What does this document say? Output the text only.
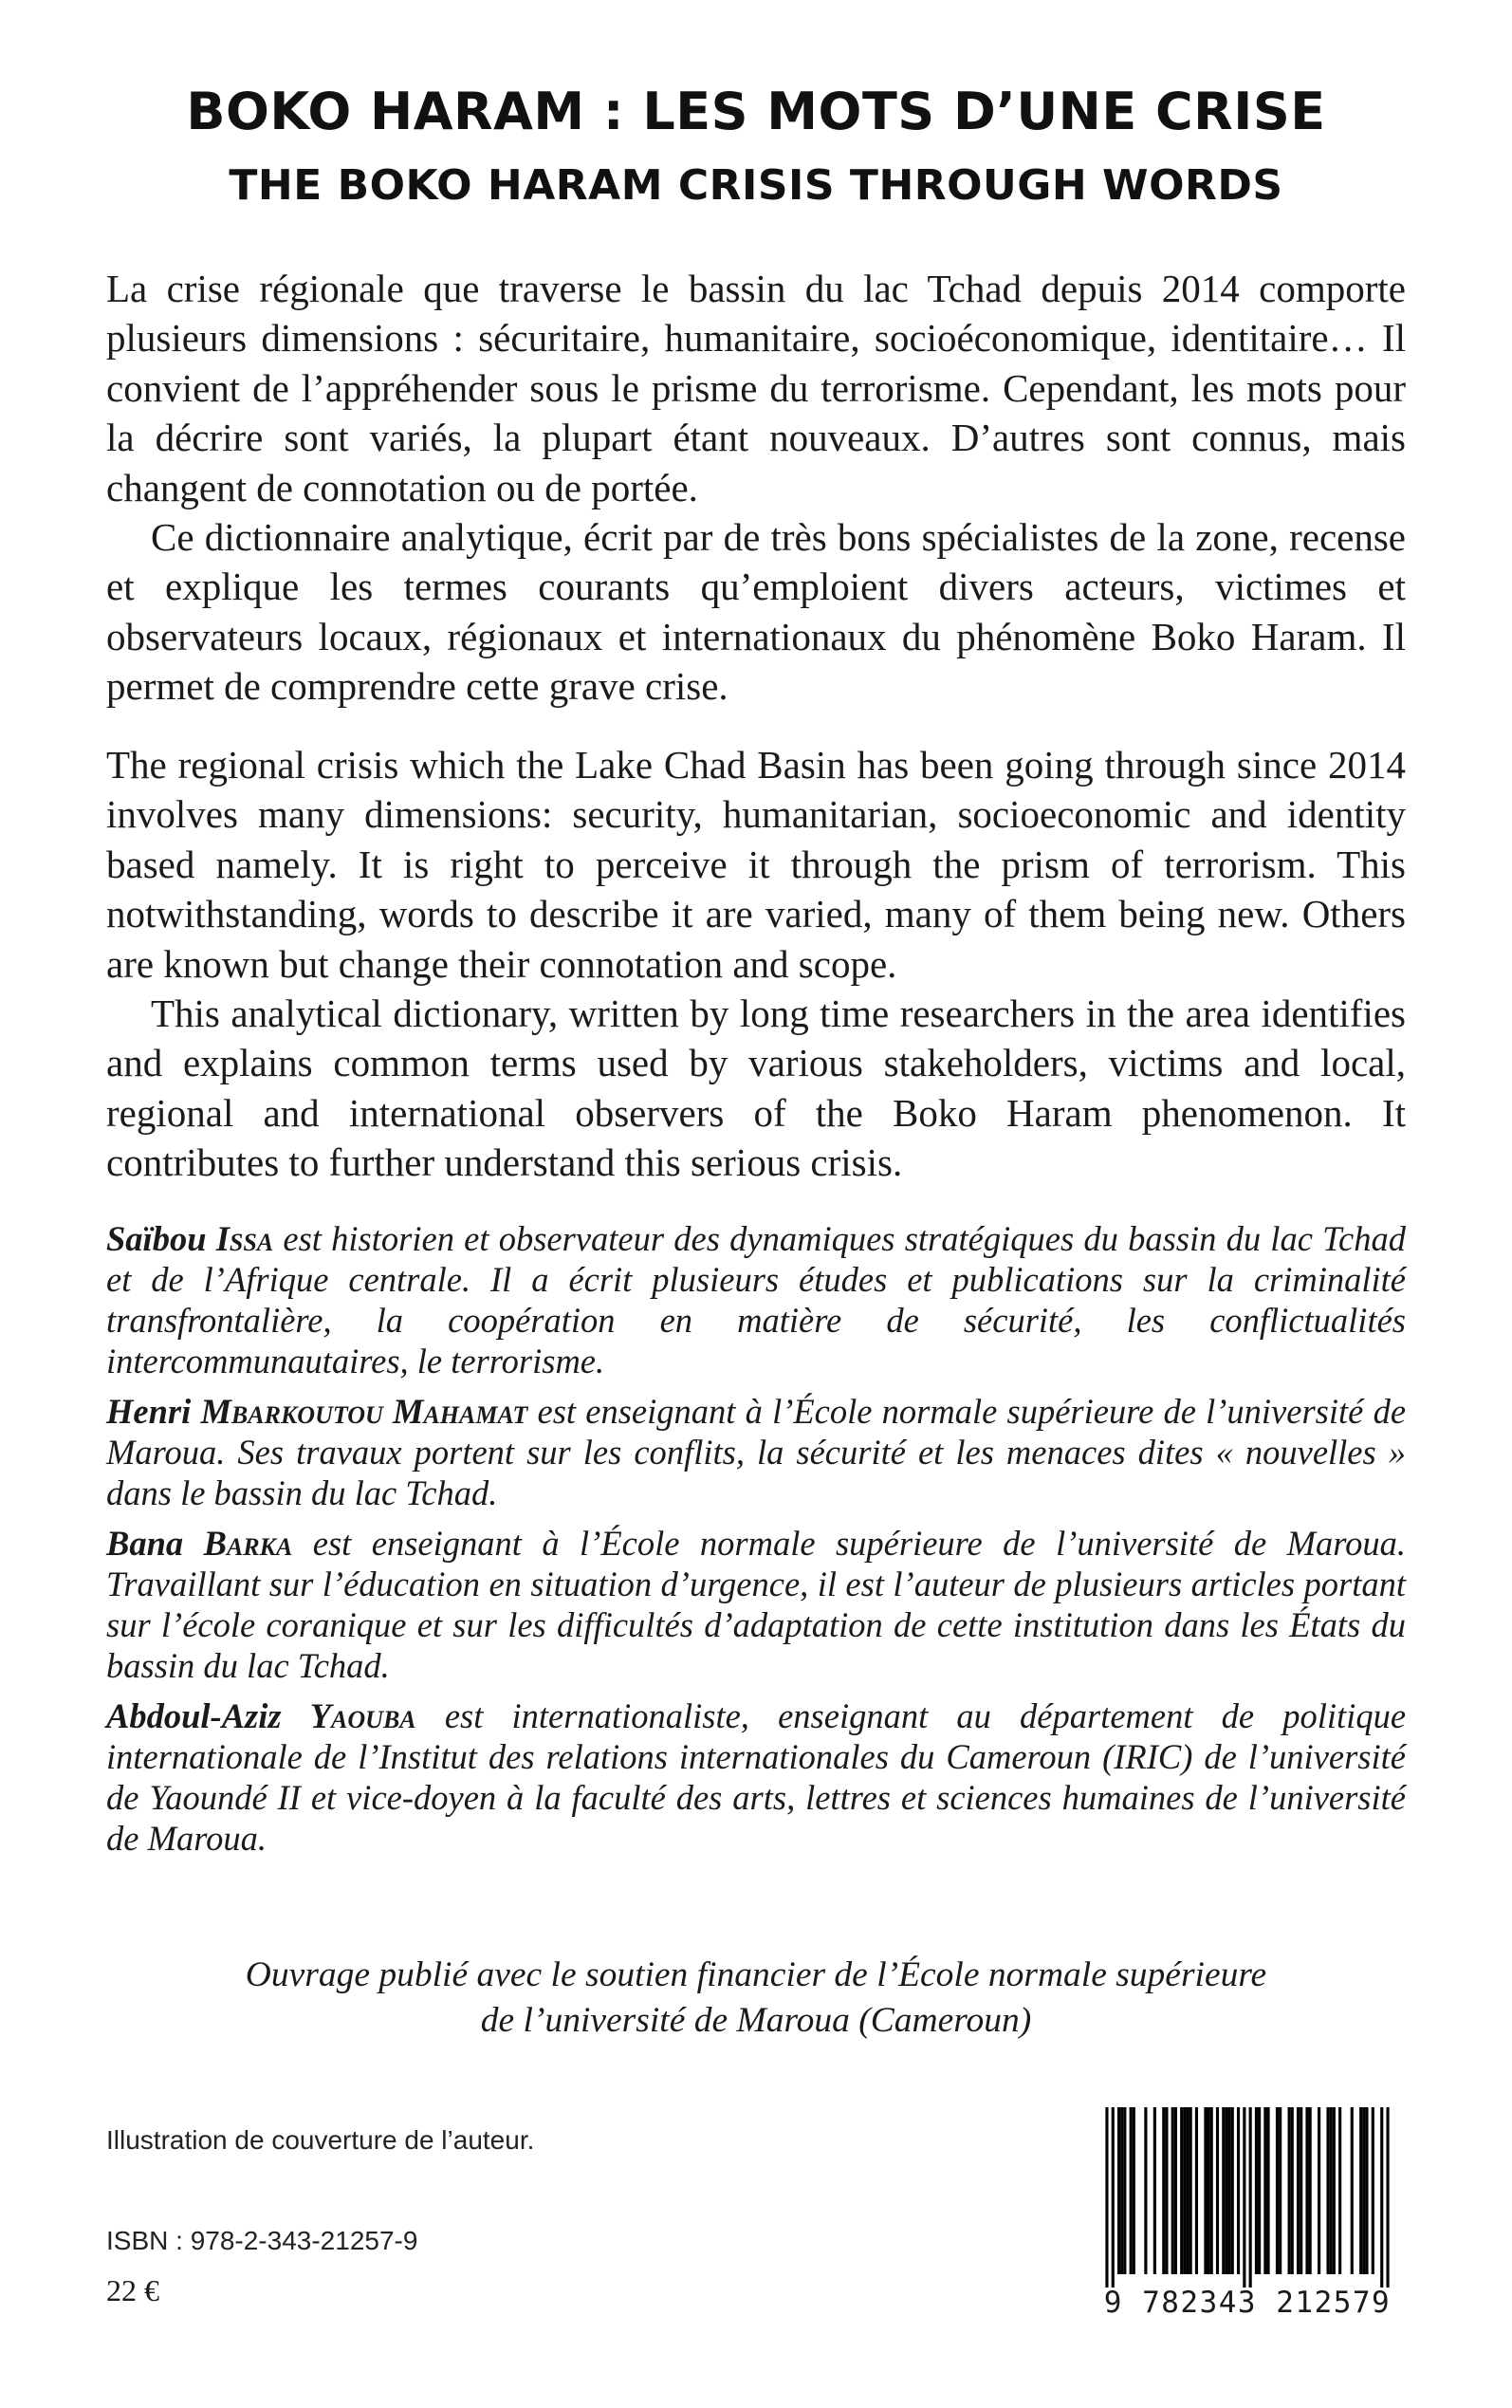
BOKO HARAM : LES MOTS D’UNE CRISE
THE BOKO HARAM CRISIS THROUGH WORDS

La crise régionale que traverse le bassin du lac Tchad depuis 2014 comporte plusieurs dimensions : sécuritaire, humanitaire, socioéconomique, identitaire… Il convient de l’appréhender sous le prisme du terrorisme. Cependant, les mots pour la décrire sont variés, la plupart étant nouveaux. D’autres sont connus, mais changent de connotation ou de portée.

Ce dictionnaire analytique, écrit par de très bons spécialistes de la zone, recense et explique les termes courants qu’emploient divers acteurs, victimes et observateurs locaux, régionaux et internationaux du phénomène Boko Haram. Il permet de comprendre cette grave crise.

The regional crisis which the Lake Chad Basin has been going through since 2014 involves many dimensions: security, humanitarian, socioeconomic and identity based namely. It is right to perceive it through the prism of terrorism. This notwithstanding, words to describe it are varied, many of them being new. Others are known but change their connotation and scope.

This analytical dictionary, written by long time researchers in the area identifies and explains common terms used by various stakeholders, victims and local, regional and international observers of the Boko Haram phenomenon. It contributes to further understand this serious crisis.

Saïbou Issa est historien et observateur des dynamiques stratégiques du bassin du lac Tchad et de l’Afrique centrale. Il a écrit plusieurs études et publications sur la criminalité transfrontalière, la coopération en matière de sécurité, les conflictualités intercommunautaires, le terrorisme.

Henri Mbarkoutou Mahamat est enseignant à l’École normale supérieure de l’université de Maroua. Ses travaux portent sur les conflits, la sécurité et les menaces dites « nouvelles » dans le bassin du lac Tchad.

Bana Barka est enseignant à l’École normale supérieure de l’université de Maroua. Travaillant sur l’éducation en situation d’urgence, il est l’auteur de plusieurs articles portant sur l’école coranique et sur les difficultés d’adaptation de cette institution dans les États du bassin du lac Tchad.

Abdoul-Aziz Yaouba est internationaliste, enseignant au département de politique internationale de l’Institut des relations internationales du Cameroun (IRIC) de l’université de Yaoundé II et vice-doyen à la faculté des arts, lettres et sciences humaines de l’université de Maroua.

Ouvrage publié avec le soutien financier de l’École normale supérieure
de l’université de Maroua (Cameroun)
Illustration de couverture de l’auteur.
ISBN : 978-2-343-21257-9
22 €	9 782343 212579
